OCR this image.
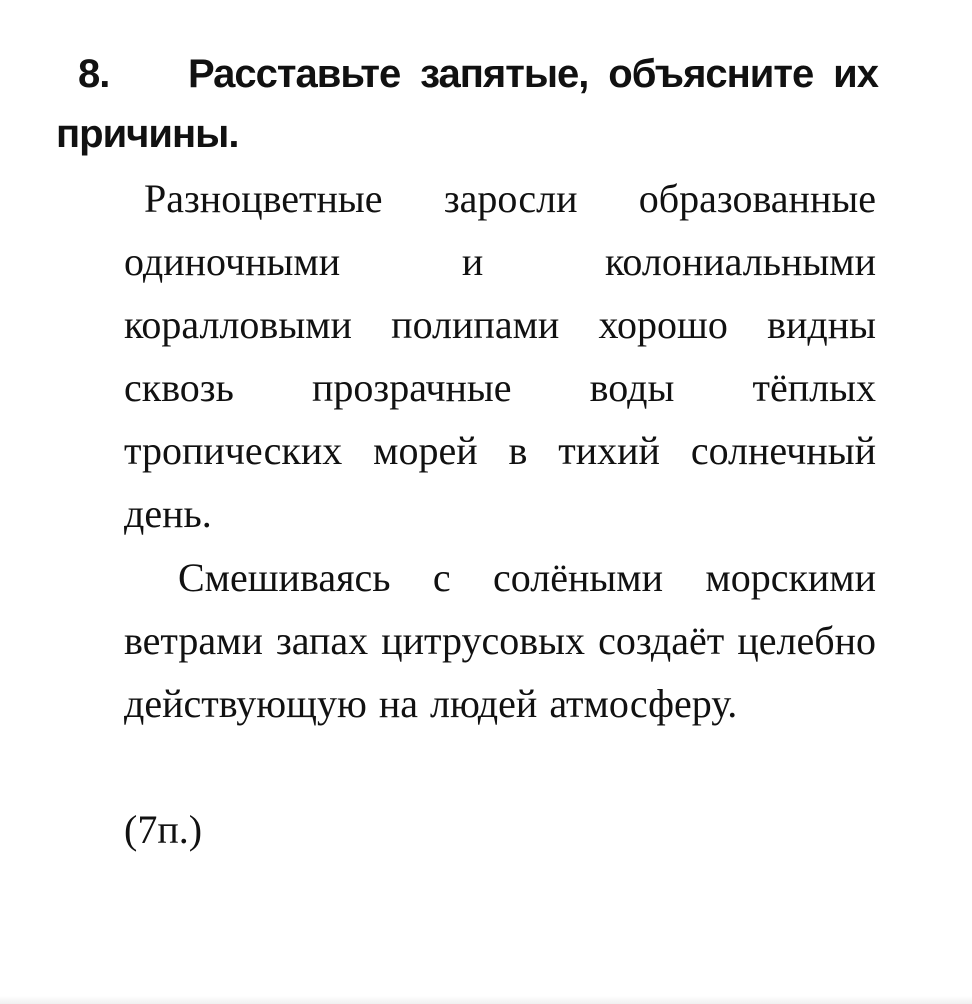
8. Расставьте запятые, объясните их причины.

Разноцветные заросли образованные одиночными и колониальными коралловыми полипами хорошо видны сквозь прозрачные воды тёплых тропических морей в тихий солнечный день.

Смешиваясь с солёными морскими ветрами запах цитрусовых создаёт целебно действующую на людей атмосферу.

(7п.)
